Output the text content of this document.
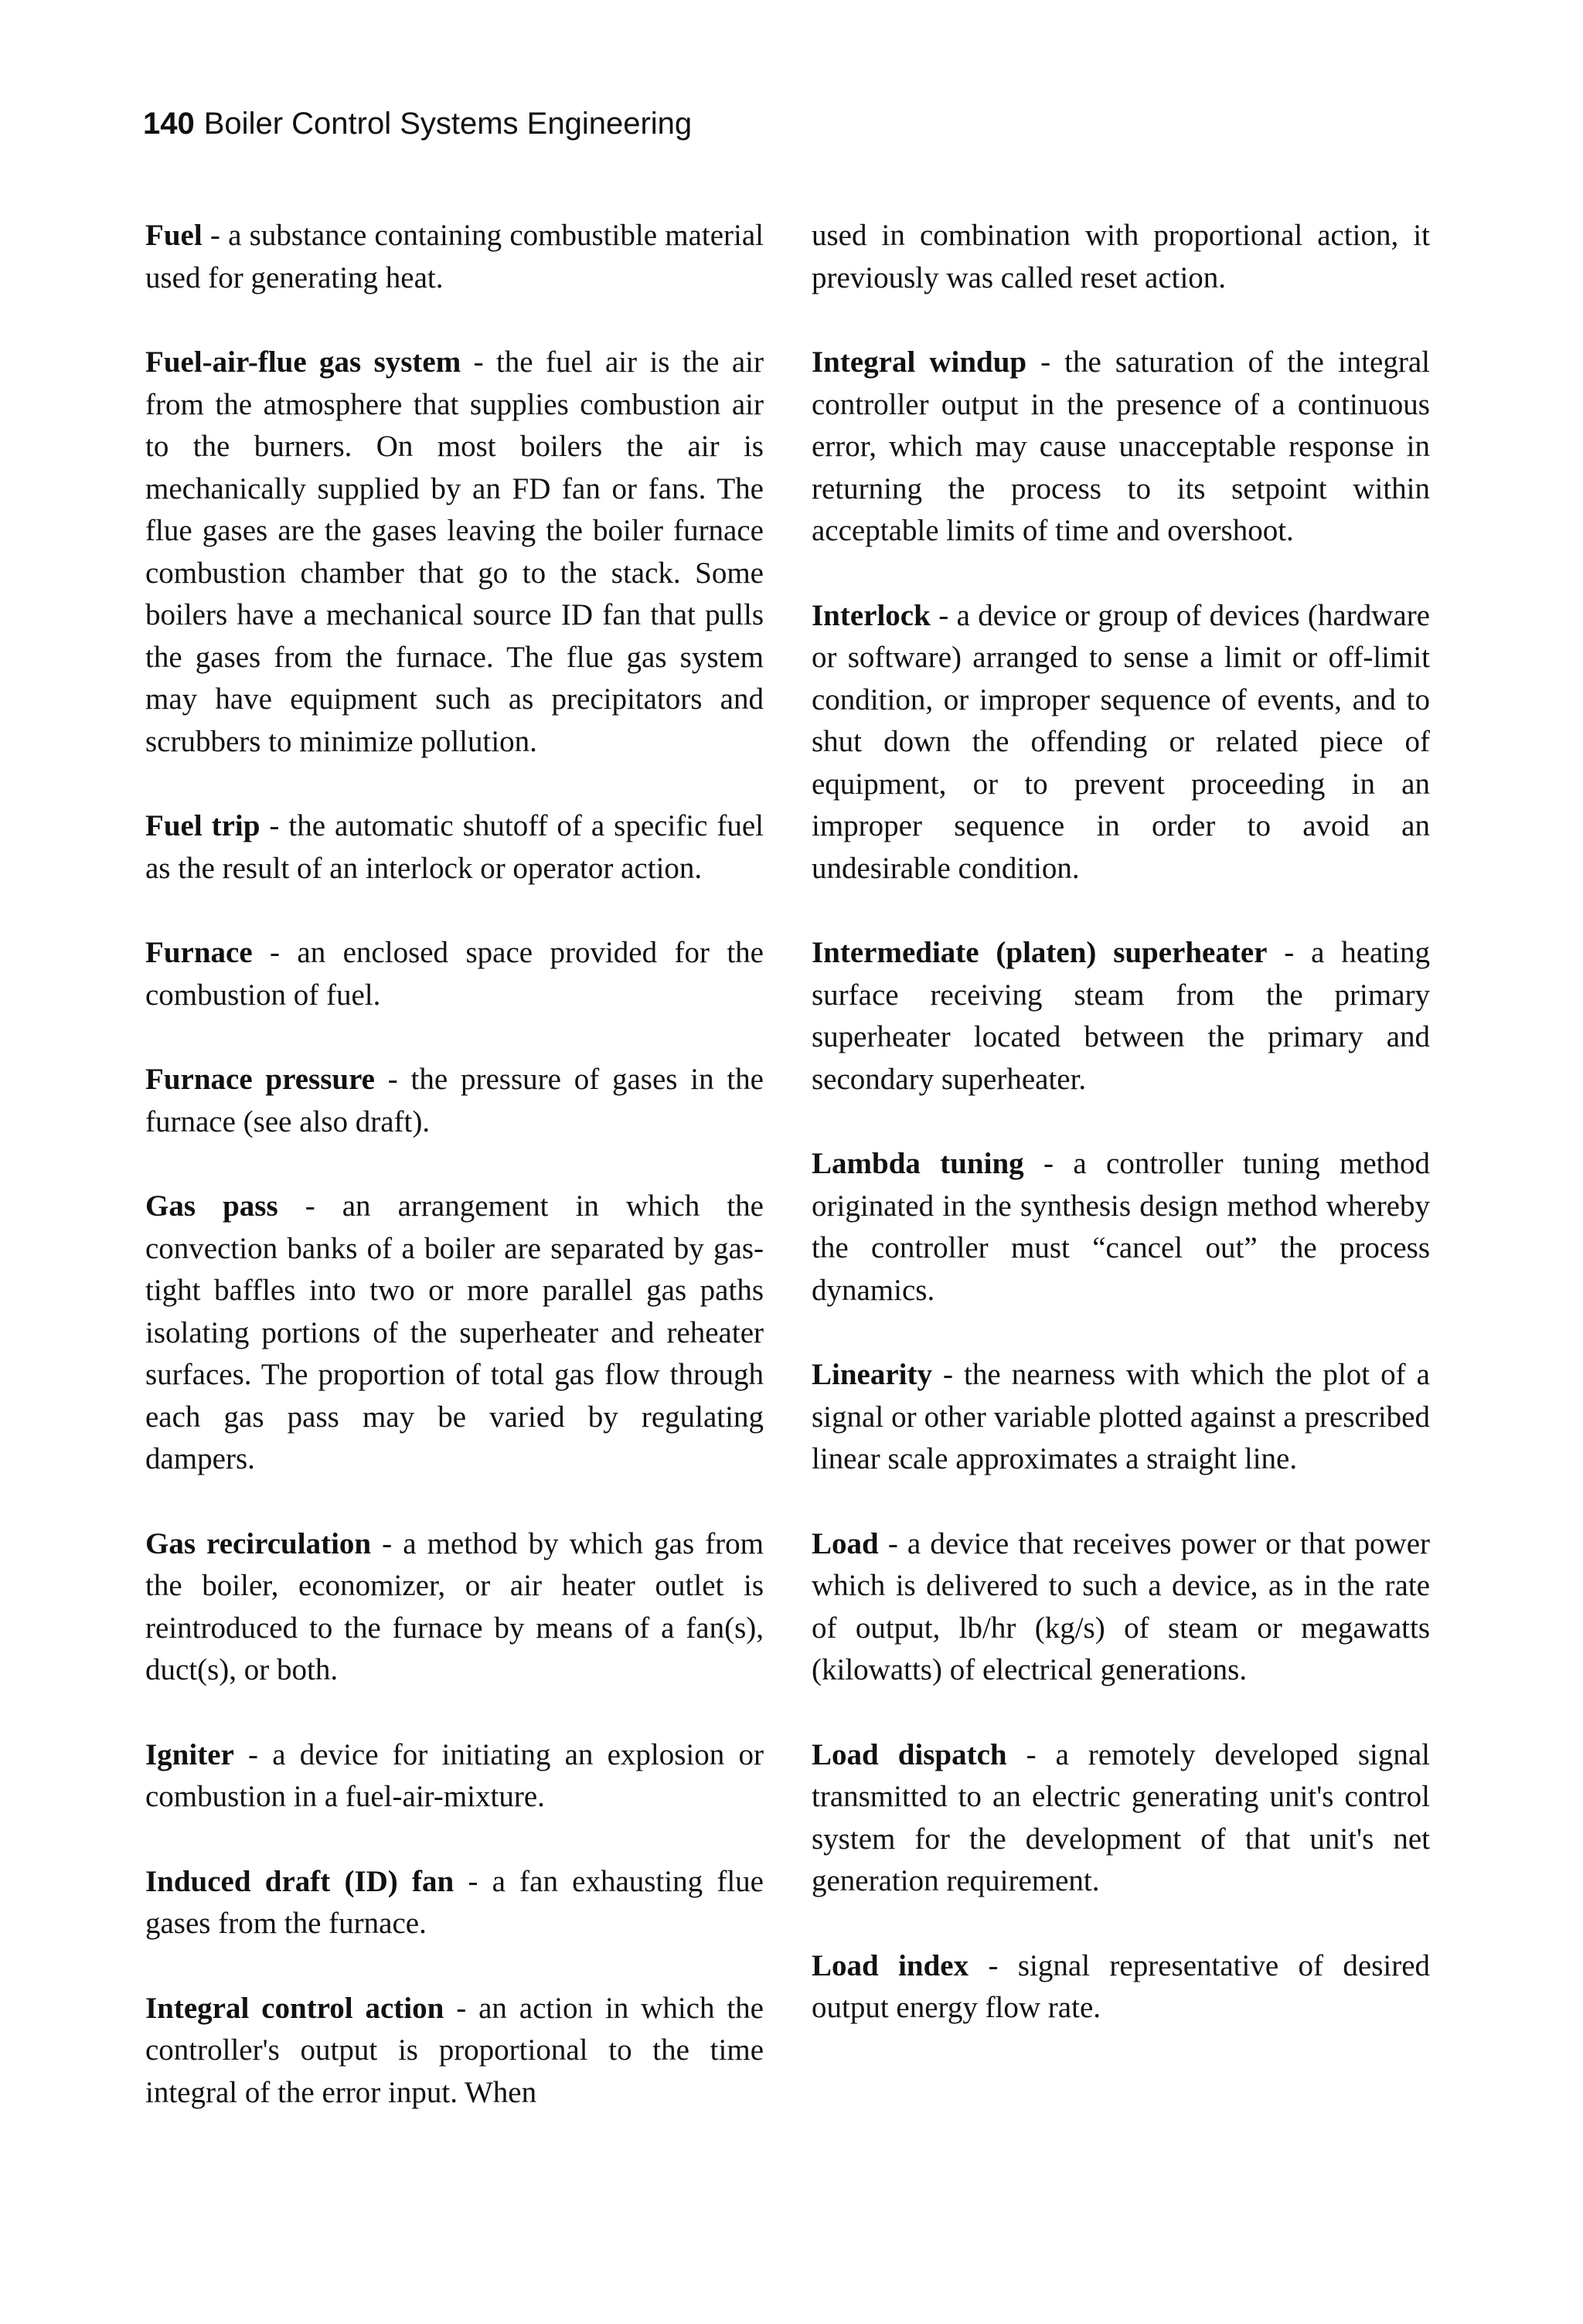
140 Boiler Control Systems Engineering

Fuel - a substance containing combustible material used for generating heat.

Fuel-air-flue gas system - the fuel air is the air from the atmosphere that supplies combustion air to the burners. On most boilers the air is mechanically supplied by an FD fan or fans. The flue gases are the gases leaving the boiler furnace combustion chamber that go to the stack. Some boilers have a mechanical source ID fan that pulls the gases from the furnace. The flue gas system may have equipment such as precipitators and scrubbers to minimize pollution.

Fuel trip - the automatic shutoff of a specific fuel as the result of an interlock or operator action.

Furnace - an enclosed space provided for the combustion of fuel.

Furnace pressure - the pressure of gases in the furnace (see also draft).

Gas pass - an arrangement in which the convection banks of a boiler are separated by gas-tight baffles into two or more parallel gas paths isolating portions of the superheater and reheater surfaces. The proportion of total gas flow through each gas pass may be varied by regulating dampers.

Gas recirculation - a method by which gas from the boiler, economizer, or air heater outlet is reintroduced to the furnace by means of a fan(s), duct(s), or both.

Igniter - a device for initiating an explosion or combustion in a fuel-air-mixture.

Induced draft (ID) fan - a fan exhausting flue gases from the furnace.

Integral control action - an action in which the controller's output is proportional to the time integral of the error input. When

used in combination with proportional action, it previously was called reset action.

Integral windup - the saturation of the integral controller output in the presence of a continuous error, which may cause unacceptable response in returning the process to its setpoint within acceptable limits of time and overshoot.

Interlock - a device or group of devices (hardware or software) arranged to sense a limit or off-limit condition, or improper sequence of events, and to shut down the offending or related piece of equipment, or to prevent proceeding in an improper sequence in order to avoid an undesirable condition.

Intermediate (platen) superheater - a heating surface receiving steam from the primary superheater located between the primary and secondary superheater.

Lambda tuning - a controller tuning method originated in the synthesis design method whereby the controller must “cancel out” the process dynamics.

Linearity - the nearness with which the plot of a signal or other variable plotted against a prescribed linear scale approximates a straight line.

Load - a device that receives power or that power which is delivered to such a device, as in the rate of output, lb/hr (kg/s) of steam or megawatts (kilowatts) of electrical generations.

Load dispatch - a remotely developed signal transmitted to an electric generating unit's control system for the development of that unit's net generation requirement.

Load index - signal representative of desired output energy flow rate.
